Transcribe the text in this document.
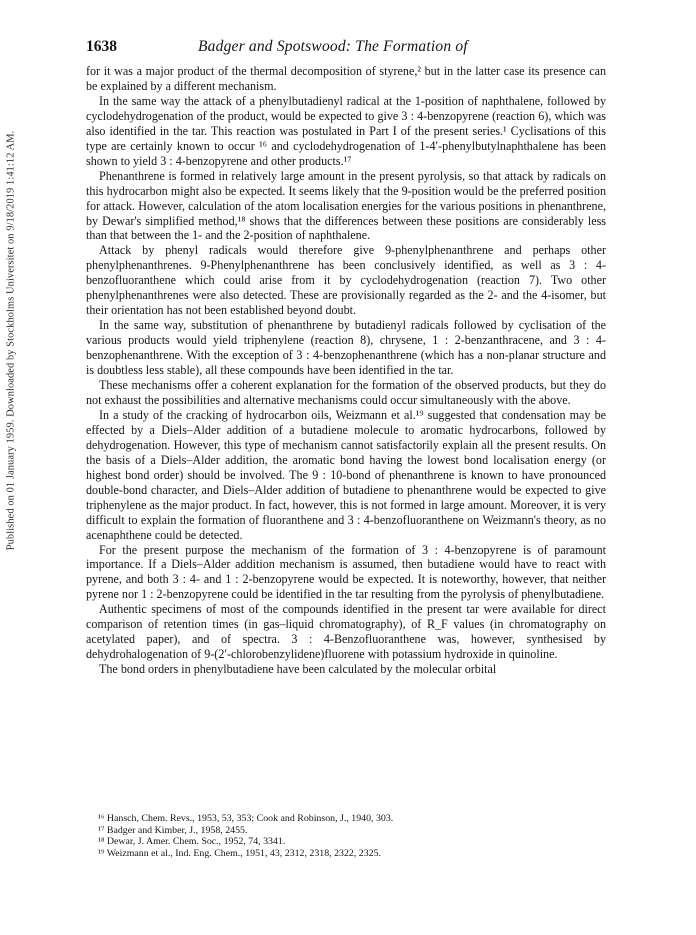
Published on 01 January 1959. Downloaded by Stockholms Universitet on 9/18/2019 1:41:12 AM.
1638	Badger and Spotswood: The Formation of

for it was a major product of the thermal decomposition of styrene,² but in the latter case its presence can be explained by a different mechanism.

In the same way the attack of a phenylbutadienyl radical at the 1-position of naphthalene, followed by cyclodehydrogenation of the product, would be expected to give 3 : 4-benzopyrene (reaction 6), which was also identified in the tar. This reaction was postulated in Part I of the present series.¹ Cyclisations of this type are certainly known to occur ¹⁶ and cyclodehydrogenation of 1-4′-phenylbutylnaphthalene has been shown to yield 3 : 4-benzopyrene and other products.¹⁷

Phenanthrene is formed in relatively large amount in the present pyrolysis, so that attack by radicals on this hydrocarbon might also be expected. It seems likely that the 9-position would be the preferred position for attack. However, calculation of the atom localisation energies for the various positions in phenanthrene, by Dewar's simplified method,¹⁸ shows that the differences between these positions are considerably less than that between the 1- and the 2-position of naphthalene.

Attack by phenyl radicals would therefore give 9-phenylphenanthrene and perhaps other phenylphenanthrenes. 9-Phenylphenanthrene has been conclusively identified, as well as 3 : 4-benzofluoranthene which could arise from it by cyclodehydrogenation (reaction 7). Two other phenylphenanthrenes were also detected. These are provisionally regarded as the 2- and the 4-isomer, but their orientation has not been established beyond doubt.

In the same way, substitution of phenanthrene by butadienyl radicals followed by cyclisation of the various products would yield triphenylene (reaction 8), chrysene, 1 : 2-benzanthracene, and 3 : 4-benzophenanthrene. With the exception of 3 : 4-benzophenanthrene (which has a non-planar structure and is doubtless less stable), all these compounds have been identified in the tar.

These mechanisms offer a coherent explanation for the formation of the observed products, but they do not exhaust the possibilities and alternative mechanisms could occur simultaneously with the above.

In a study of the cracking of hydrocarbon oils, Weizmann et al.¹⁹ suggested that condensation may be effected by a Diels–Alder addition of a butadiene molecule to aromatic hydrocarbons, followed by dehydrogenation. However, this type of mechanism cannot satisfactorily explain all the present results. On the basis of a Diels–Alder addition, the aromatic bond having the lowest bond localisation energy (or highest bond order) should be involved. The 9 : 10-bond of phenanthrene is known to have pronounced double-bond character, and Diels–Alder addition of butadiene to phenanthrene would be expected to give triphenylene as the major product. In fact, however, this is not formed in large amount. Moreover, it is very difficult to explain the formation of fluoranthene and 3 : 4-benzofluoranthene on Weizmann's theory, as no acenaphthene could be detected.

For the present purpose the mechanism of the formation of 3 : 4-benzopyrene is of paramount importance. If a Diels–Alder addition mechanism is assumed, then butadiene would have to react with pyrene, and both 3 : 4- and 1 : 2-benzopyrene would be expected. It is noteworthy, however, that neither pyrene nor 1 : 2-benzopyrene could be identified in the tar resulting from the pyrolysis of phenylbutadiene.

Authentic specimens of most of the compounds identified in the present tar were available for direct comparison of retention times (in gas–liquid chromatography), of R_F values (in chromatography on acetylated paper), and of spectra. 3 : 4-Benzofluoranthene was, however, synthesised by dehydrohalogenation of 9-(2′-chlorobenzylidene)fluorene with potassium hydroxide in quinoline.

The bond orders in phenylbutadiene have been calculated by the molecular orbital

¹⁶ Hansch, Chem. Revs., 1953, 53, 353; Cook and Robinson, J., 1940, 303.
¹⁷ Badger and Kimber, J., 1958, 2455.
¹⁸ Dewar, J. Amer. Chem. Soc., 1952, 74, 3341.
¹⁹ Weizmann et al., Ind. Eng. Chem., 1951, 43, 2312, 2318, 2322, 2325.
